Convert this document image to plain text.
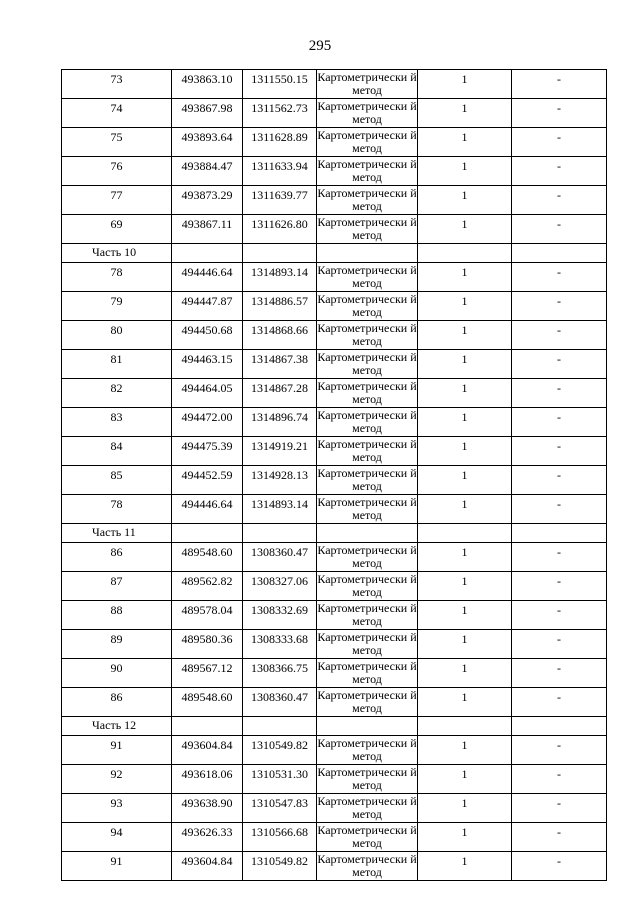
295
73	493863.10	1311550.15	Картометрически й метод	1	-
74	493867.98	1311562.73	Картометрически й метод	1	-
75	493893.64	1311628.89	Картометрически й метод	1	-
76	493884.47	1311633.94	Картометрически й метод	1	-
77	493873.29	1311639.77	Картометрически й метод	1	-
69	493867.11	1311626.80	Картометрически й метод	1	-
Часть 10					
78	494446.64	1314893.14	Картометрически й метод	1	-
79	494447.87	1314886.57	Картометрически й метод	1	-
80	494450.68	1314868.66	Картометрически й метод	1	-
81	494463.15	1314867.38	Картометрически й метод	1	-
82	494464.05	1314867.28	Картометрически й метод	1	-
83	494472.00	1314896.74	Картометрически й метод	1	-
84	494475.39	1314919.21	Картометрически й метод	1	-
85	494452.59	1314928.13	Картометрически й метод	1	-
78	494446.64	1314893.14	Картометрически й метод	1	-
Часть 11					
86	489548.60	1308360.47	Картометрически й метод	1	-
87	489562.82	1308327.06	Картометрически й метод	1	-
88	489578.04	1308332.69	Картометрически й метод	1	-
89	489580.36	1308333.68	Картометрически й метод	1	-
90	489567.12	1308366.75	Картометрически й метод	1	-
86	489548.60	1308360.47	Картометрически й метод	1	-
Часть 12					
91	493604.84	1310549.82	Картометрически й метод	1	-
92	493618.06	1310531.30	Картометрически й метод	1	-
93	493638.90	1310547.83	Картометрически й метод	1	-
94	493626.33	1310566.68	Картометрически й метод	1	-
91	493604.84	1310549.82	Картометрически й метод	1	-
